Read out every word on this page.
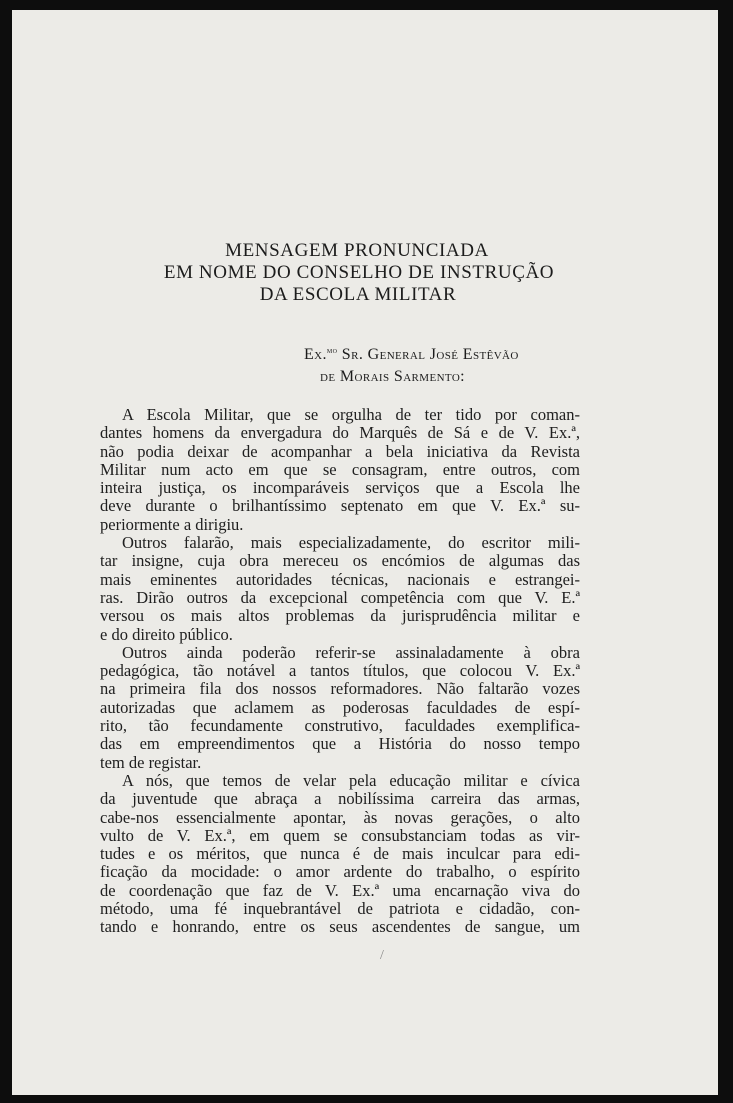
MENSAGEM PRONUNCIADA
EM NOME DO CONSELHO DE INSTRUÇÃO
DA ESCOLA MILITAR
Ex.$^{mo}$ Sr. General José Estêvão
de Morais Sarmento:
A Escola Militar, que se orgulha de ter tido por coman-
dantes homens da envergadura do Marquês de Sá e de V. Ex.ª,
não podia deixar de acompanhar a bela iniciativa da Revista
Militar num acto em que se consagram, entre outros, com
inteira justiça, os incomparáveis serviços que a Escola lhe
deve durante o brilhantíssimo septenato em que V. Ex.ª su-
periormente a dirigiu.
Outros falarão, mais especializadamente, do escritor mili-
tar insigne, cuja obra mereceu os encómios de algumas das
mais eminentes autoridades técnicas, nacionais e estrangei-
ras. Dirão outros da excepcional competência com que V. E.ª
versou os mais altos problemas da jurisprudência militar e
e do direito público.
Outros ainda poderão referir-se assinaladamente à obra
pedagógica, tão notável a tantos títulos, que colocou V. Ex.ª
na primeira fila dos nossos reformadores. Não faltarão vozes
autorizadas que aclamem as poderosas faculdades de espí-
rito, tão fecundamente construtivo, faculdades exemplifica-
das em empreendimentos que a História do nosso tempo
tem de registar.
A nós, que temos de velar pela educação militar e cívica
da juventude que abraça a nobilíssima carreira das armas,
cabe-nos essencialmente apontar, às novas gerações, o alto
vulto de V. Ex.ª, em quem se consubstanciam todas as vir-
tudes e os méritos, que nunca é de mais inculcar para edi-
ficação da mocidade: o amor ardente do trabalho, o espírito
de coordenação que faz de V. Ex.ª uma encarnação viva do
método, uma fé inquebrantável de patriota e cidadão, con-
tando e honrando, entre os seus ascendentes de sangue, um
/
